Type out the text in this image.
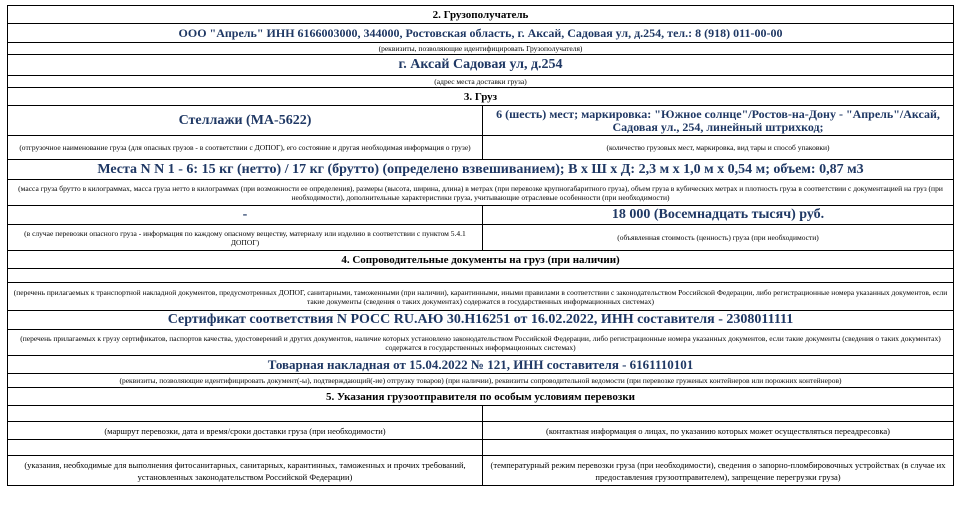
2. Грузополучатель	
ООО "Апрель" ИНН 6166003000, 344000, Ростовская область, г. Аксай, Садовая ул, д.254, тел.: 8 (918) 011-00-00	
(реквизиты, позволяющие идентифицировать Грузополучателя)	
г. Аксай Садовая ул, д.254	
(адрес места доставки груза)	
3. Груз	
Стеллажи (МА-5622)	6 (шесть) мест; маркировка: "Южное солнце"/Ростов-на-Дону - "Апрель"/Аксай, Садовая ул., 254, линейный штрихкод;
(отгрузочное наименование груза (для опасных грузов - в соответствии с ДОПОГ), его состояние и другая необходимая информация о грузе)	(количество грузовых мест, маркировка, вид тары и способ упаковки)
Места N N 1 - 6: 15 кг (нетто) / 17 кг (брутто) (определено взвешиванием); В x Ш x Д: 2,3 м x 1,0 м x 0,54 м; объем: 0,87 м3	
(масса груза брутто в килограммах, масса груза нетто в килограммах (при возможности ее определения), размеры (высота, ширина, длина) в метрах (при перевозке крупногабаритного груза), объем груза в кубических метрах и плотность груза в соответствии с документацией на груз (при необходимости), дополнительные характеристики груза, учитывающие отраслевые особенности (при необходимости)	
-	18 000 (Восемнадцать тысяч) руб.
(в случае перевозки опасного груза - информация по каждому опасному веществу, материалу или изделию в соответствии с пунктом 5.4.1 ДОПОГ)	(объявленная стоимость (ценность) груза (при необходимости)
4. Сопроводительные документы на груз (при наличии)	

(перечень прилагаемых к транспортной накладной документов, предусмотренных ДОПОГ, санитарными, таможенными (при наличии), карантинными, иными правилами в соответствии с законодательством Российской Федерации, либо регистрационные номера указанных документов, если такие документы (сведения о таких документах) содержатся в государственных информационных системах)	
Сертификат соответствия N РОСС RU.АЮ 30.Н16251 от 16.02.2022, ИНН составителя - 2308011111	
(перечень прилагаемых к грузу сертификатов, паспортов качества, удостоверений и других документов, наличие которых установлено законодательством Российской Федерации, либо регистрационные номера указанных документов, если такие документы (сведения о таких документах) содержатся в государственных информационных системах)	
Товарная накладная от 15.04.2022 № 121, ИНН составителя - 6161110101	
(реквизиты, позволяющие идентифицировать документ(-ы), подтверждающий(-ие) отгрузку товаров) (при наличии), реквизиты сопроводительной ведомости (при перевозке груженых контейнеров или порожних контейнеров)	
5. Указания грузоотправителя по особым условиям перевозки	

(маршрут перевозки, дата и время/сроки доставки груза (при необходимости)	(контактная информация о лицах, по указанию которых может осуществляться переадресовка)

(указания, необходимые для выполнения фитосанитарных, санитарных, карантинных, таможенных и прочих требований, установленных законодательством Российской Федерации)	(температурный режим перевозки груза (при необходимости), сведения о запорно-пломбировочных устройствах (в случае их предоставления грузоотправителем), запрещение перегрузки груза)
